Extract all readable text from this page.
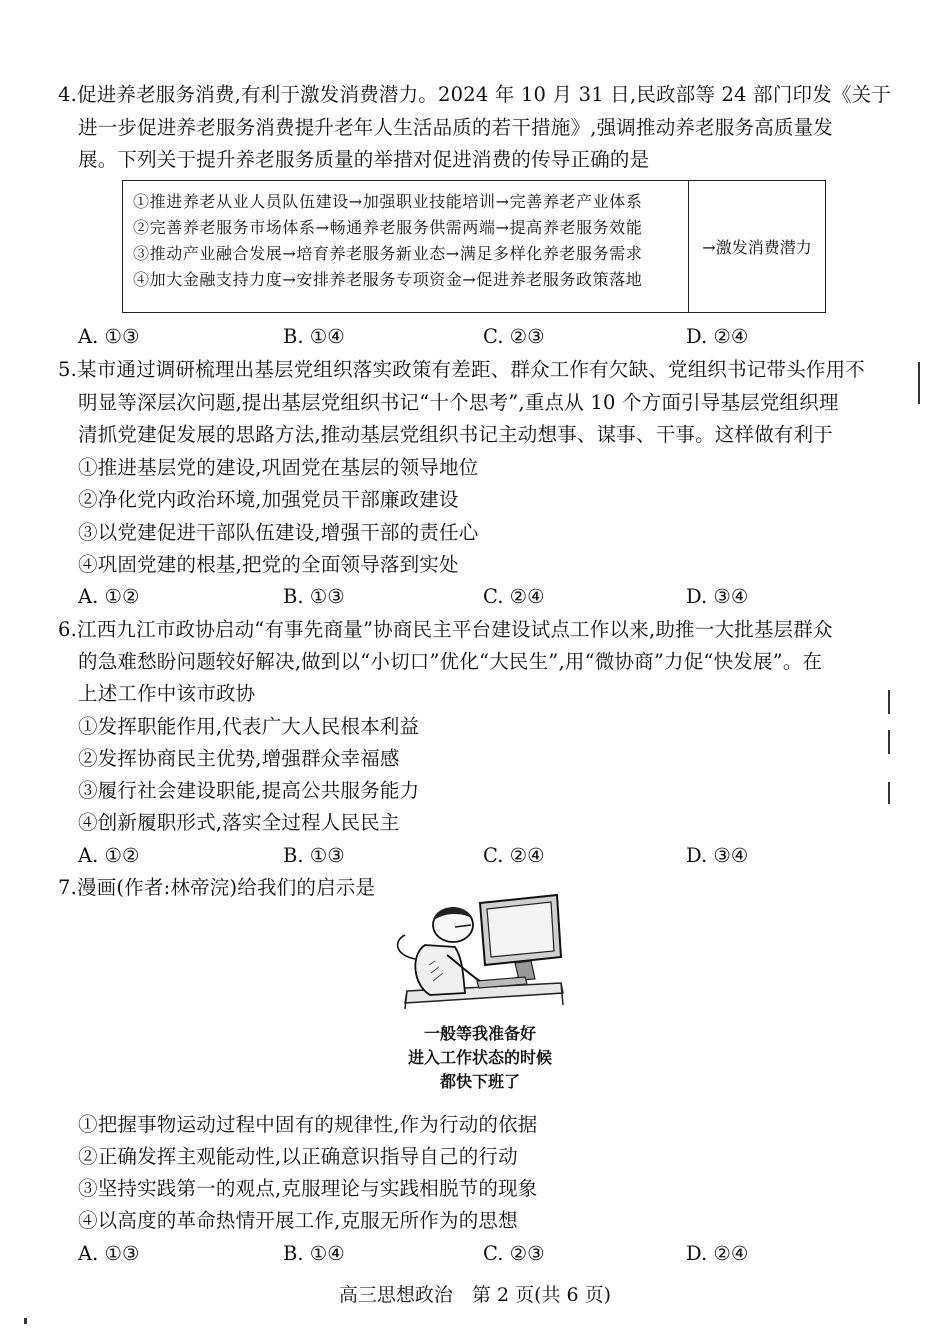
4.促进养老服务消费,有利于激发消费潜力。2024 年 10 月 31 日,民政部等 24 部门印发《关于
进一步促进养老服务消费提升老年人生活品质的若干措施》,强调推动养老服务高质量发
展。下列关于提升养老服务质量的举措对促进消费的传导正确的是
①推进养老从业人员队伍建设→加强职业技能培训→完善养老产业体系
②完善养老服务市场体系→畅通养老服务供需两端→提高养老服务效能
③推动产业融合发展→培育养老服务新业态→满足多样化养老服务需求
④加大金融支持力度→安排养老服务专项资金→促进养老服务政策落地
→激发消费潜力
A. ①③	B. ①④	C. ②③	D. ②④
5.某市通过调研梳理出基层党组织落实政策有差距、群众工作有欠缺、党组织书记带头作用不
明显等深层次问题,提出基层党组织书记“十个思考”,重点从 10 个方面引导基层党组织理
清抓党建促发展的思路方法,推动基层党组织书记主动想事、谋事、干事。这样做有利于
①推进基层党的建设,巩固党在基层的领导地位
②净化党内政治环境,加强党员干部廉政建设
③以党建促进干部队伍建设,增强干部的责任心
④巩固党建的根基,把党的全面领导落到实处
A. ①②	B. ①③	C. ②④	D. ③④
6.江西九江市政协启动“有事先商量”协商民主平台建设试点工作以来,助推一大批基层群众
的急难愁盼问题较好解决,做到以“小切口”优化“大民生”,用“微协商”力促“快发展”。在
上述工作中该市政协
①发挥职能作用,代表广大人民根本利益
②发挥协商民主优势,增强群众幸福感
③履行社会建设职能,提高公共服务能力
④创新履职形式,落实全过程人民民主
A. ①②	B. ①③	C. ②④	D. ③④
7.漫画(作者:林帝浣)给我们的启示是
一般等我准备好
进入工作状态的时候
都快下班了
①把握事物运动过程中固有的规律性,作为行动的依据
②正确发挥主观能动性,以正确意识指导自己的行动
③坚持实践第一的观点,克服理论与实践相脱节的现象
④以高度的革命热情开展工作,克服无所作为的思想
A. ①③	B. ①④	C. ②③	D. ②④
高三思想政治　第 2 页(共 6 页)
